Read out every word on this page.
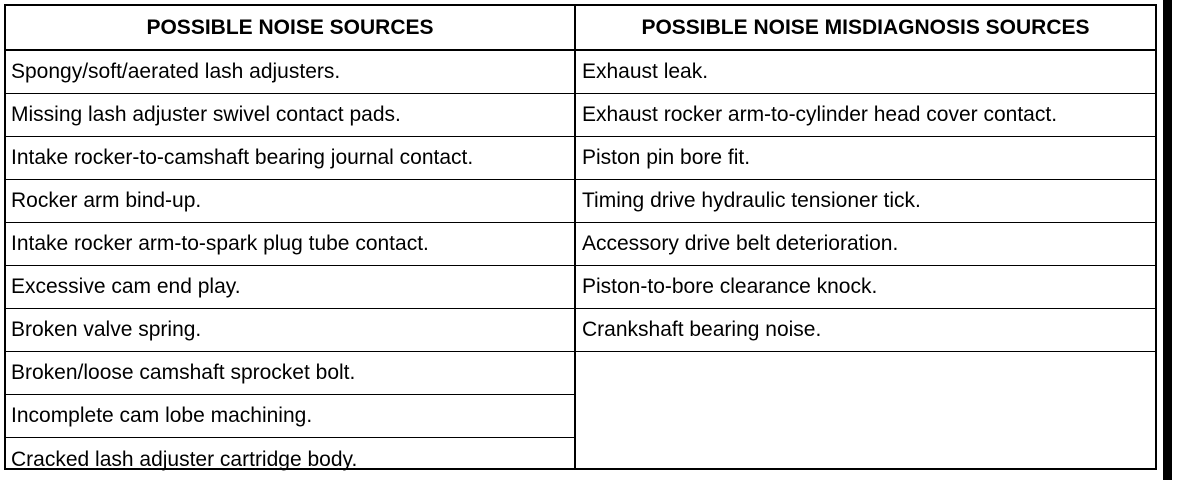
POSSIBLE NOISE SOURCES
Spongy/soft/aerated lash adjusters.
Missing lash adjuster swivel contact pads.
Intake rocker-to-camshaft bearing journal contact.
Rocker arm bind-up.
Intake rocker arm-to-spark plug tube contact.
Excessive cam end play.
Broken valve spring.
Broken/loose camshaft sprocket bolt.
Incomplete cam lobe machining.
Cracked lash adjuster cartridge body.
POSSIBLE NOISE MISDIAGNOSIS SOURCES
Exhaust leak.
Exhaust rocker arm-to-cylinder head cover contact.
Piston pin bore fit.
Timing drive hydraulic tensioner tick.
Accessory drive belt deterioration.
Piston-to-bore clearance knock.
Crankshaft bearing noise.
